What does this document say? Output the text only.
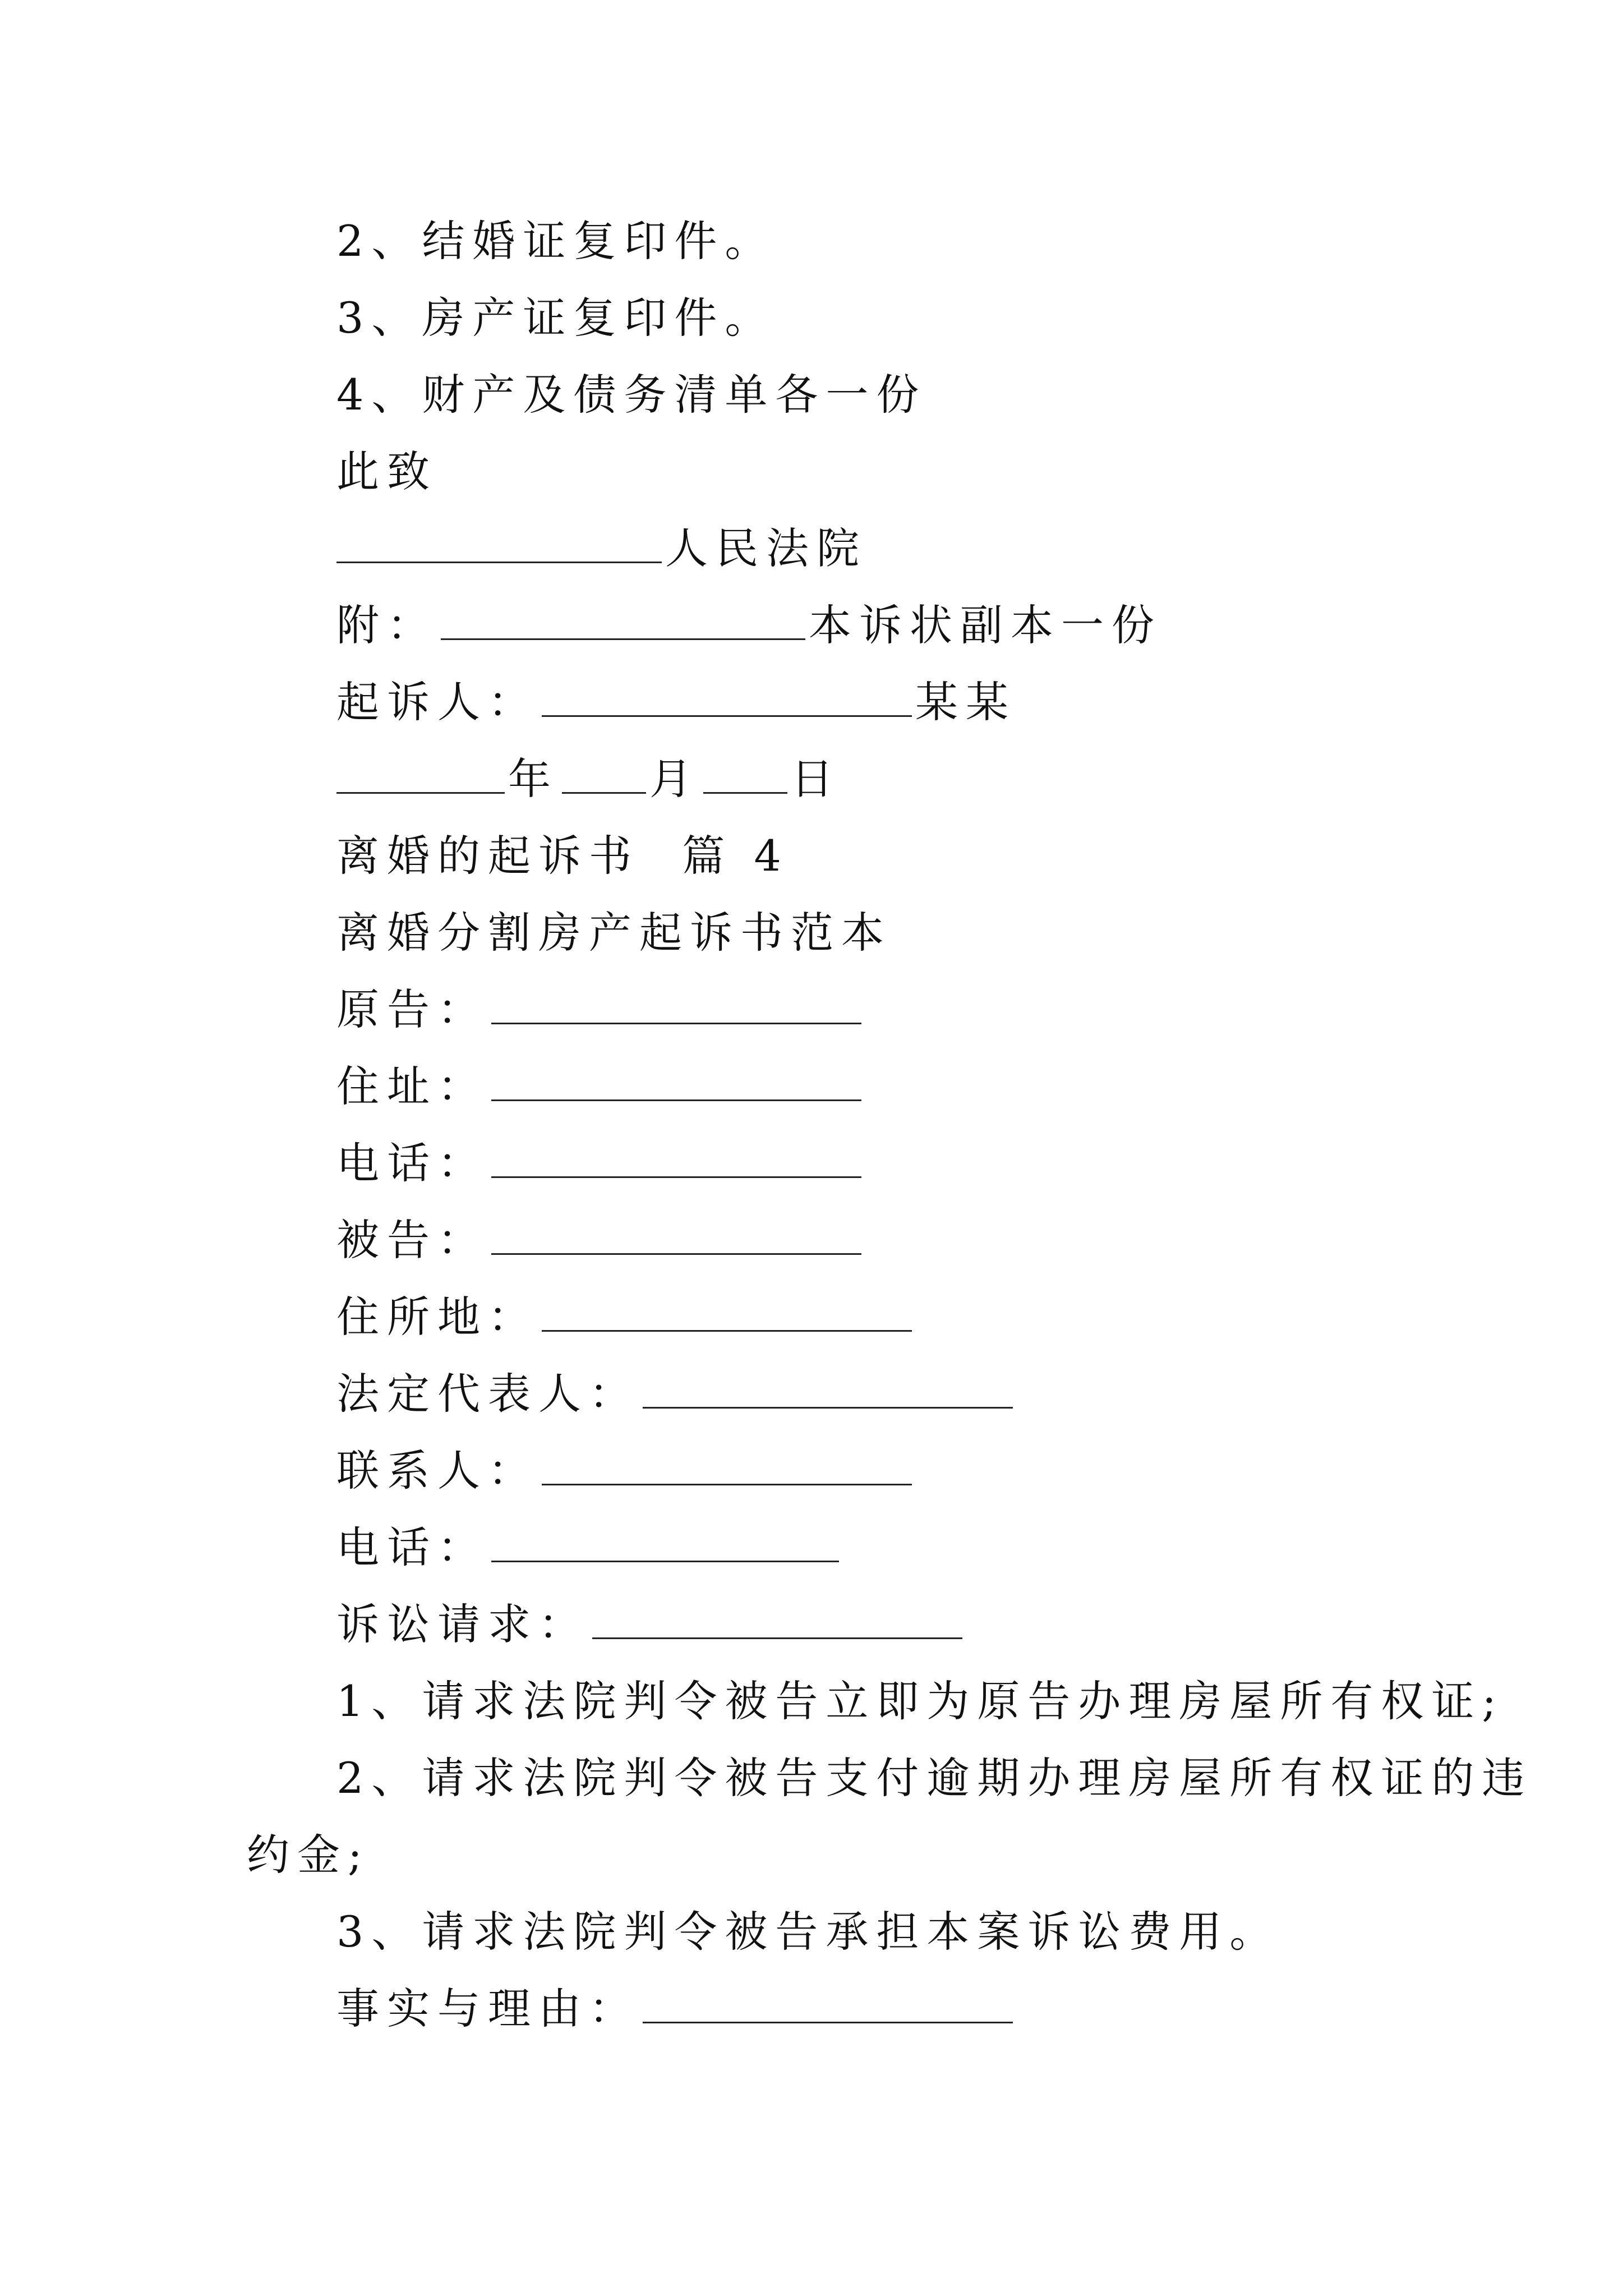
2、结婚证复印件。
3、房产证复印件。
4、财产及债务清单各一份
此致
人民法院
附：	本诉状副本一份
起诉人：	某某
年 月 日
离婚的起诉书  篇 4
离婚分割房产起诉书范本
原告：
住址：
电话：
被告：
住所地：
法定代表人：
联系人：
电话：
诉讼请求：
1、请求法院判令被告立即为原告办理房屋所有权证;
2、请求法院判令被告支付逾期办理房屋所有权证的违
约金;
3、请求法院判令被告承担本案诉讼费用。
事实与理由：
